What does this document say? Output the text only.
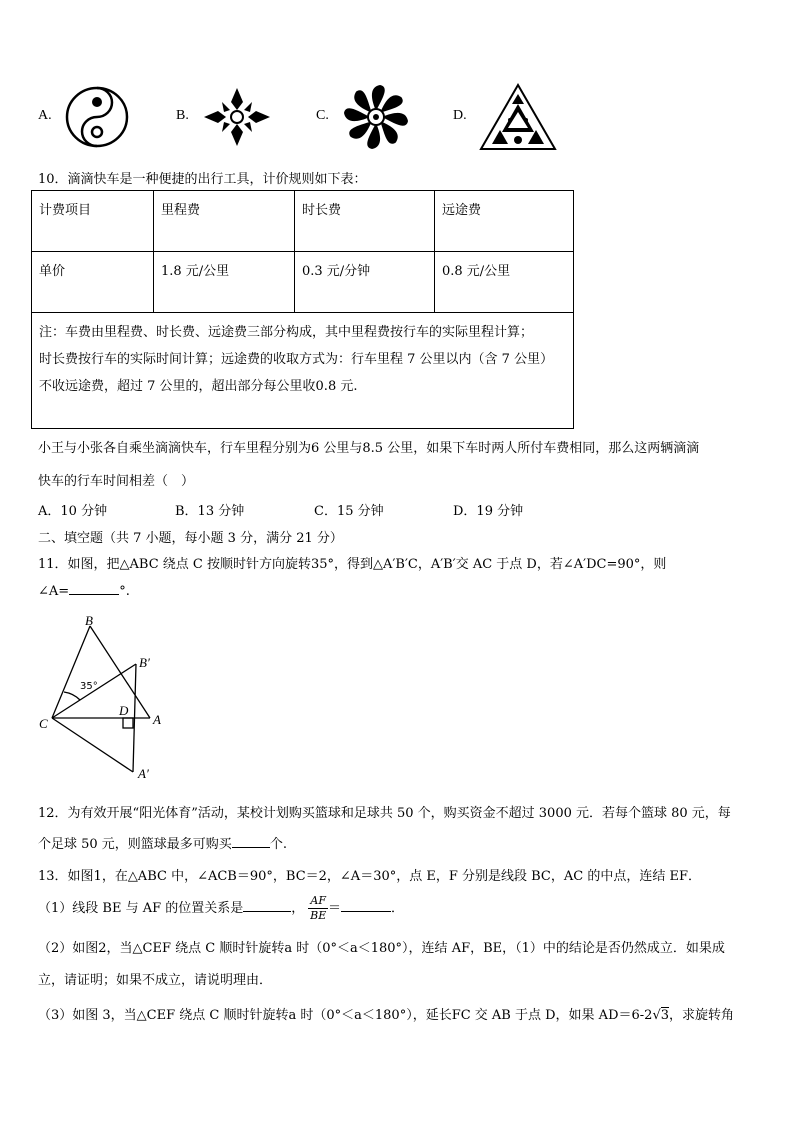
A.	B.	C.	D.
10．滴滴快车是一种便捷的出行工具，计价规则如下表：
计费项目	里程费	时长费	远途费
单价	1.8 元/公里	0.3 元/分钟	0.8 元/公里

注：车费由里程费、时长费、远途费三部分构成，其中里程费按行车的实际里程计算；
时长费按行车的实际时间计算；远途费的收取方式为：行车里程 7 公里以内（含 7 公里）
不收远途费，超过 7 公里的，超出部分每公里收0.8 元.			
小王与小张各自乘坐滴滴快车，行车里程分别为6 公里与8.5 公里，如果下车时两人所付车费相同，那么这两辆滴滴
快车的行车时间相差（　）
A．10 分钟	B．13 分钟	C．15 分钟	D．19 分钟
二、填空题（共 7 小题，每小题 3 分，满分 21 分）
11．如图，把△ABC 绕点 C 按顺时针方向旋转35°，得到△A′B′C，A′B′交 AC 于点 D，若∠A′DC=90°，则
∠A=	°.
B
B′
C
D
A
A′
35°
12．为有效开展“阳光体育”活动，某校计划购买篮球和足球共 50 个，购买资金不超过 3000 元．若每个篮球 80 元，每
个足球 50 元，则篮球最多可购买	个.
13．如图1，在△ABC 中，∠ACB＝90°，BC＝2，∠A＝30°，点 E，F 分别是线段 BC，AC 的中点，连结 EF．
（1）线段 BE 与 AF 的位置关系是	， $\frac{AF}{BE}$ ＝	．
（2）如图2，当△CEF 绕点 C 顺时针旋转a 时（0°＜a＜180°），连结 AF，BE，（1）中的结论是否仍然成立．如果成
立，请证明；如果不成立，请说明理由．
（3）如图 3，当△CEF 绕点 C 顺时针旋转a 时（0°＜a＜180°），延长FC 交 AB 于点 D，如果 AD＝6-2√3，求旋转角
